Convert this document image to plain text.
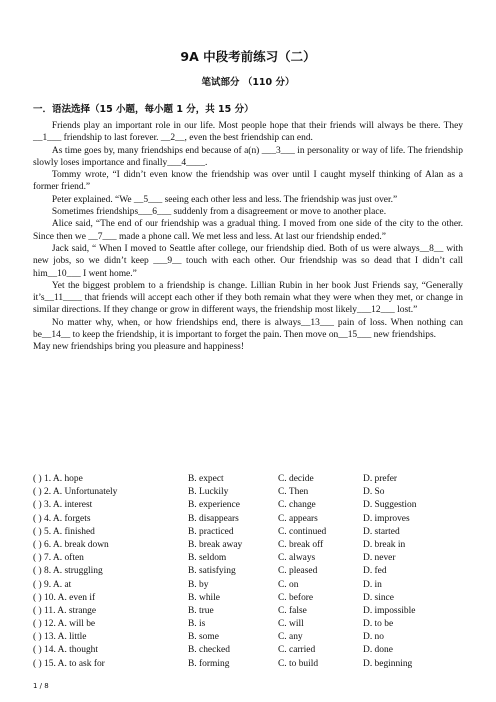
9A 中段考前练习（二）
笔试部分 （110 分）
一．语法选择（15 小题，每小题 1 分，共 15 分）

Friends play an important role in our life. Most people hope that their friends will always be there. They __1___ friendship to last forever. __2__, even the best friendship can end.

As time goes by, many friendships end because of a(n) ___3___ in personality or way of life. The friendship slowly loses importance and finally___4____.

Tommy wrote, “I didn’t even know the friendship was over until I caught myself thinking of Alan as a former friend.”

Peter explained. “We __5___ seeing each other less and less. The friendship was just over.”

Sometimes friendships___6___ suddenly from a disagreement or move to another place.

Alice said, “The end of our friendship was a gradual thing. I moved from one side of the city to the other. Since then we __7___ made a phone call. We met less and less. At last our friendship ended.”

Jack said, “ When I moved to Seattle after college, our friendship died. Both of us were always__8__ with new jobs, so we didn’t keep ___9__ touch with each other. Our friendship was so dead that I didn’t call him__10___ I went home.”

Yet the biggest problem to a friendship is change. Lillian Rubin in her book Just Friends say, “Generally it’s__11____ that friends will accept each other if they both remain what they were when they met, or change in similar directions. If they change or grow in different ways, the friendship most likely___12___ lost.”

No matter why, when, or how friendships end, there is always__13___ pain of loss. When nothing can be__14__ to keep the friendship, it is important to forget the pain. Then move on__15___ new friendships.

May new friendships bring you pleasure and happiness!

( ) 1. A. hope	B. expect	C. decide	D. prefer
( ) 2. A. Unfortunately	B. Luckily	C. Then	D. So
( ) 3. A. interest	B. experience	C. change	D. Suggestion
( ) 4. A. forgets	B. disappears	C. appears	D. improves
( ) 5. A. finished	B. practiced	C. continued	D. started
( ) 6. A. break down	B. break away	C. break off	D. break in
( ) 7. A. often	B. seldom	C. always	D. never
( ) 8. A. struggling	B. satisfying	C. pleased	D. fed
( ) 9. A. at	B. by	C. on	D. in
( ) 10. A. even if	B. while	C. before	D. since
( ) 11. A. strange	B. true	C. false	D. impossible
( ) 12. A. will be	B. is	C. will	D. to be
( ) 13. A. little	B. some	C. any	D. no
( ) 14. A. thought	B. checked	C. carried	D. done
( ) 15. A. to ask for	B. forming	C. to build	D. beginning
1 / 8
